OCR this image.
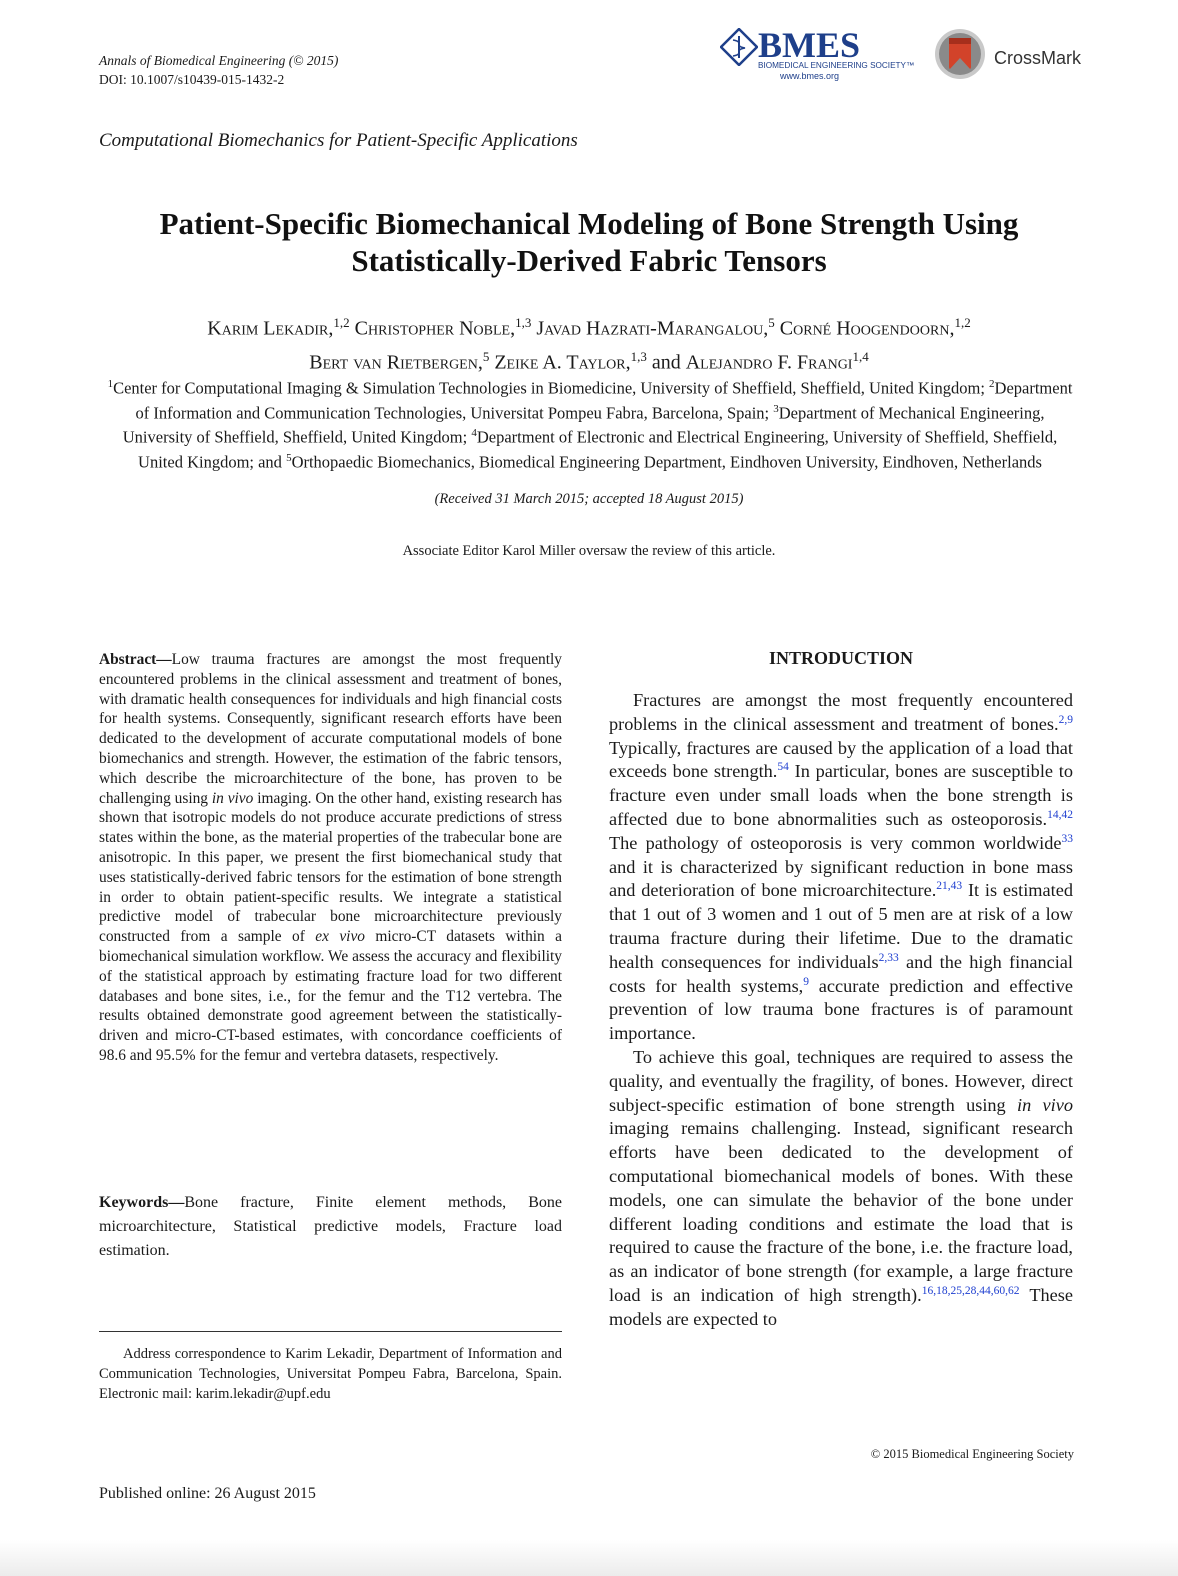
Annals of Biomedical Engineering (© 2015)
DOI: 10.1007/s10439-015-1432-2
BMES
BIOMEDICAL ENGINEERING SOCIETY™
www.bmes.org
CrossMark
Computational Biomechanics for Patient-Specific Applications
Patient-Specific Biomechanical Modeling of Bone Strength Using
Statistically-Derived Fabric Tensors
Karim Lekadir,$^{1,2}$ Christopher Noble,$^{1,3}$ Javad Hazrati-Marangalou,$^5$ Corné Hoogendoorn,$^{1,2}$
Bert van Rietbergen,$^5$ Zeike A. Taylor,$^{1,3}$ and Alejandro F. Frangi$^{1,4}$
$^1$Center for Computational Imaging & Simulation Technologies in Biomedicine, University of Sheffield, Sheffield, United Kingdom; $^2$Department of Information and Communication Technologies, Universitat Pompeu Fabra, Barcelona, Spain; $^3$Department of Mechanical Engineering, University of Sheffield, Sheffield, United Kingdom; $^4$Department of Electronic and Electrical Engineering, University of Sheffield, Sheffield, United Kingdom; and $^5$Orthopaedic Biomechanics, Biomedical Engineering Department, Eindhoven University, Eindhoven, Netherlands
(Received 31 March 2015; accepted 18 August 2015)
Associate Editor Karol Miller oversaw the review of this article.
Abstract—Low trauma fractures are amongst the most frequently encountered problems in the clinical assessment and treatment of bones, with dramatic health consequences for individuals and high financial costs for health systems. Consequently, significant research efforts have been dedicated to the development of accurate computational models of bone biomechanics and strength. However, the estimation of the fabric tensors, which describe the microarchitecture of the bone, has proven to be challenging using in vivo imaging. On the other hand, existing research has shown that isotropic models do not produce accurate predictions of stress states within the bone, as the material properties of the trabecular bone are anisotropic. In this paper, we present the first biomechanical study that uses statistically-derived fabric tensors for the estimation of bone strength in order to obtain patient-specific results. We integrate a statistical predictive model of trabecular bone microarchitecture previously constructed from a sample of ex vivo micro-CT datasets within a biomechanical simulation workflow. We assess the accuracy and flexibility of the statistical approach by estimating fracture load for two different databases and bone sites, i.e., for the femur and the T12 vertebra. The results obtained demonstrate good agreement between the statistically-driven and micro-CT-based estimates, with concordance coefficients of 98.6 and 95.5% for the femur and vertebra datasets, respectively.
Keywords—Bone fracture, Finite element methods, Bone microarchitecture, Statistical predictive models, Fracture load estimation.
Address correspondence to Karim Lekadir, Department of Information and Communication Technologies, Universitat Pompeu Fabra, Barcelona, Spain. Electronic mail: karim.lekadir@upf.edu
INTRODUCTION

Fractures are amongst the most frequently encountered problems in the clinical assessment and treatment of bones.$^{2,9}$ Typically, fractures are caused by the application of a load that exceeds bone strength.$^{54}$ In particular, bones are susceptible to fracture even under small loads when the bone strength is affected due to bone abnormalities such as osteoporosis.$^{14,42}$ The pathology of osteoporosis is very common worldwide$^{33}$ and it is characterized by significant reduction in bone mass and deterioration of bone microarchitecture.$^{21,43}$ It is estimated that 1 out of 3 women and 1 out of 5 men are at risk of a low trauma fracture during their lifetime. Due to the dramatic health consequences for individuals$^{2,33}$ and the high financial costs for health systems,$^9$ accurate prediction and effective prevention of low trauma bone fractures is of paramount importance.

To achieve this goal, techniques are required to assess the quality, and eventually the fragility, of bones. However, direct subject-specific estimation of bone strength using in vivo imaging remains challenging. Instead, significant research efforts have been dedicated to the development of computational biomechanical models of bones. With these models, one can simulate the behavior of the bone under different loading conditions and estimate the load that is required to cause the fracture of the bone, i.e. the fracture load, as an indicator of bone strength (for example, a large fracture load is an indication of high strength).$^{16,18,25,28,44,60,62}$ These models are expected to

© 2015 Biomedical Engineering Society
Published online: 26 August 2015
